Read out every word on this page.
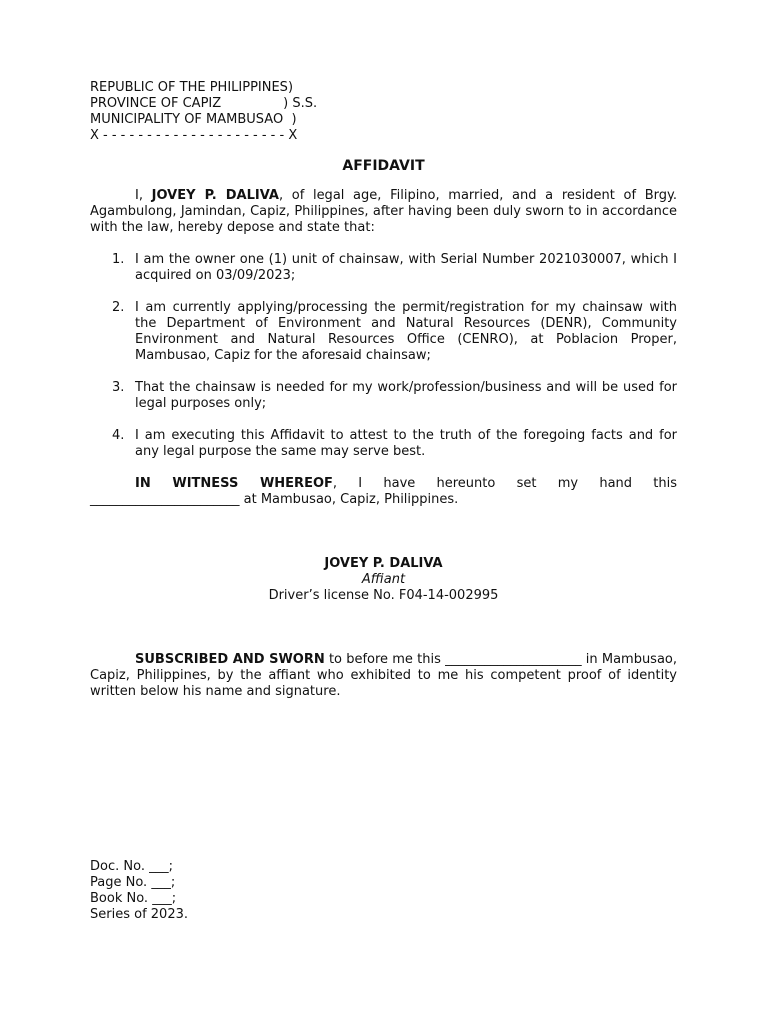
REPUBLIC OF THE PHILIPPINES)
PROVINCE OF CAPIZ               ) S.S.
MUNICIPALITY OF MAMBUSAO  )
X - - - - - - - - - - - - - - - - - - - - - X
AFFIDAVIT

I, JOVEY P. DALIVA, of legal age, Filipino, married, and a resident of Brgy. Agambulong, Jamindan, Capiz, Philippines, after having been duly sworn to in accordance with the law, hereby depose and state that:

1. I am the owner one (1) unit of chainsaw, with Serial Number 2021030007, which I acquired on 03/09/2023;
2. I am currently applying/processing the permit/registration for my chainsaw with the Department of Environment and Natural Resources (DENR), Community Environment and Natural Resources Office (CENRO), at Poblacion Proper, Mambusao, Capiz for the aforesaid chainsaw;
3. That the chainsaw is needed for my work/profession/business and will be used for legal purposes only;
4. I am executing this Affidavit to attest to the truth of the foregoing facts and for any legal purpose the same may serve best.
IN WITNESS WHEREOF, I have hereunto set my hand this
_______________________ at Mambusao, Capiz, Philippines.
JOVEY P. DALIVA
Affiant
Driver’s license No. F04-14-002995

SUBSCRIBED AND SWORN to before me this _____________________ in Mambusao, Capiz, Philippines, by the affiant who exhibited to me his competent proof of identity written below his name and signature.

Doc. No. ___;
Page No. ___;
Book No. ___;
Series of 2023.
